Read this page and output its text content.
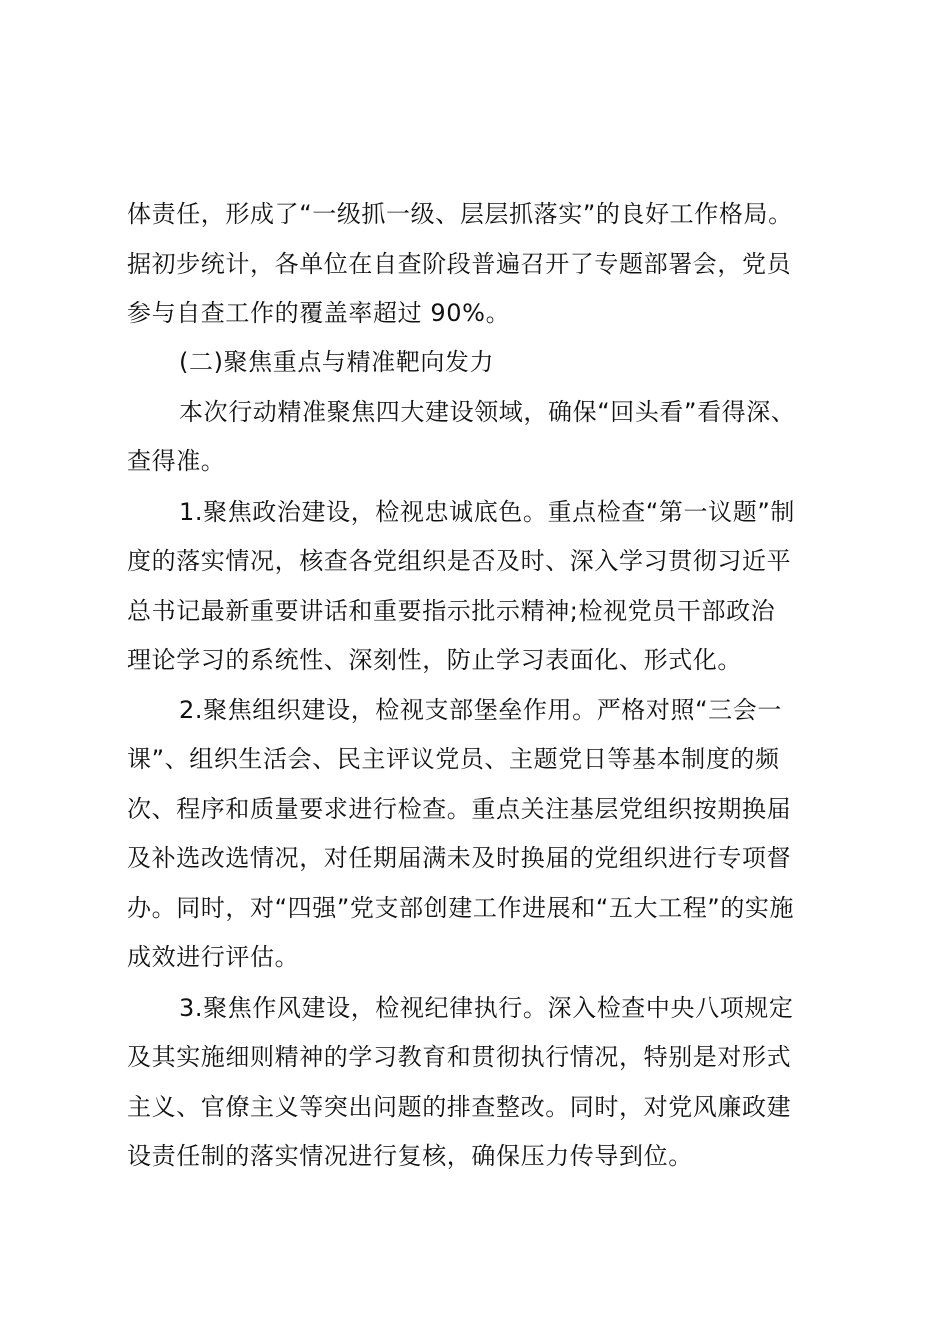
体责任，形成了“一级抓一级、层层抓落实”的良好工作格局。
据初步统计，各单位在自查阶段普遍召开了专题部署会，党员
参与自查工作的覆盖率超过 90%。
(二)聚焦重点与精准靶向发力
本次行动精准聚焦四大建设领域，确保“回头看”看得深、
查得准。
1.聚焦政治建设，检视忠诚底色。重点检查“第一议题”制
度的落实情况，核查各党组织是否及时、深入学习贯彻习近平
总书记最新重要讲话和重要指示批示精神;检视党员干部政治
理论学习的系统性、深刻性，防止学习表面化、形式化。
2.聚焦组织建设，检视支部堡垒作用。严格对照“三会一
课”、组织生活会、民主评议党员、主题党日等基本制度的频
次、程序和质量要求进行检查。重点关注基层党组织按期换届
及补选改选情况，对任期届满未及时换届的党组织进行专项督
办。同时，对“四强”党支部创建工作进展和“五大工程”的实施
成效进行评估。
3.聚焦作风建设，检视纪律执行。深入检查中央八项规定
及其实施细则精神的学习教育和贯彻执行情况，特别是对形式
主义、官僚主义等突出问题的排查整改。同时，对党风廉政建
设责任制的落实情况进行复核，确保压力传导到位。
